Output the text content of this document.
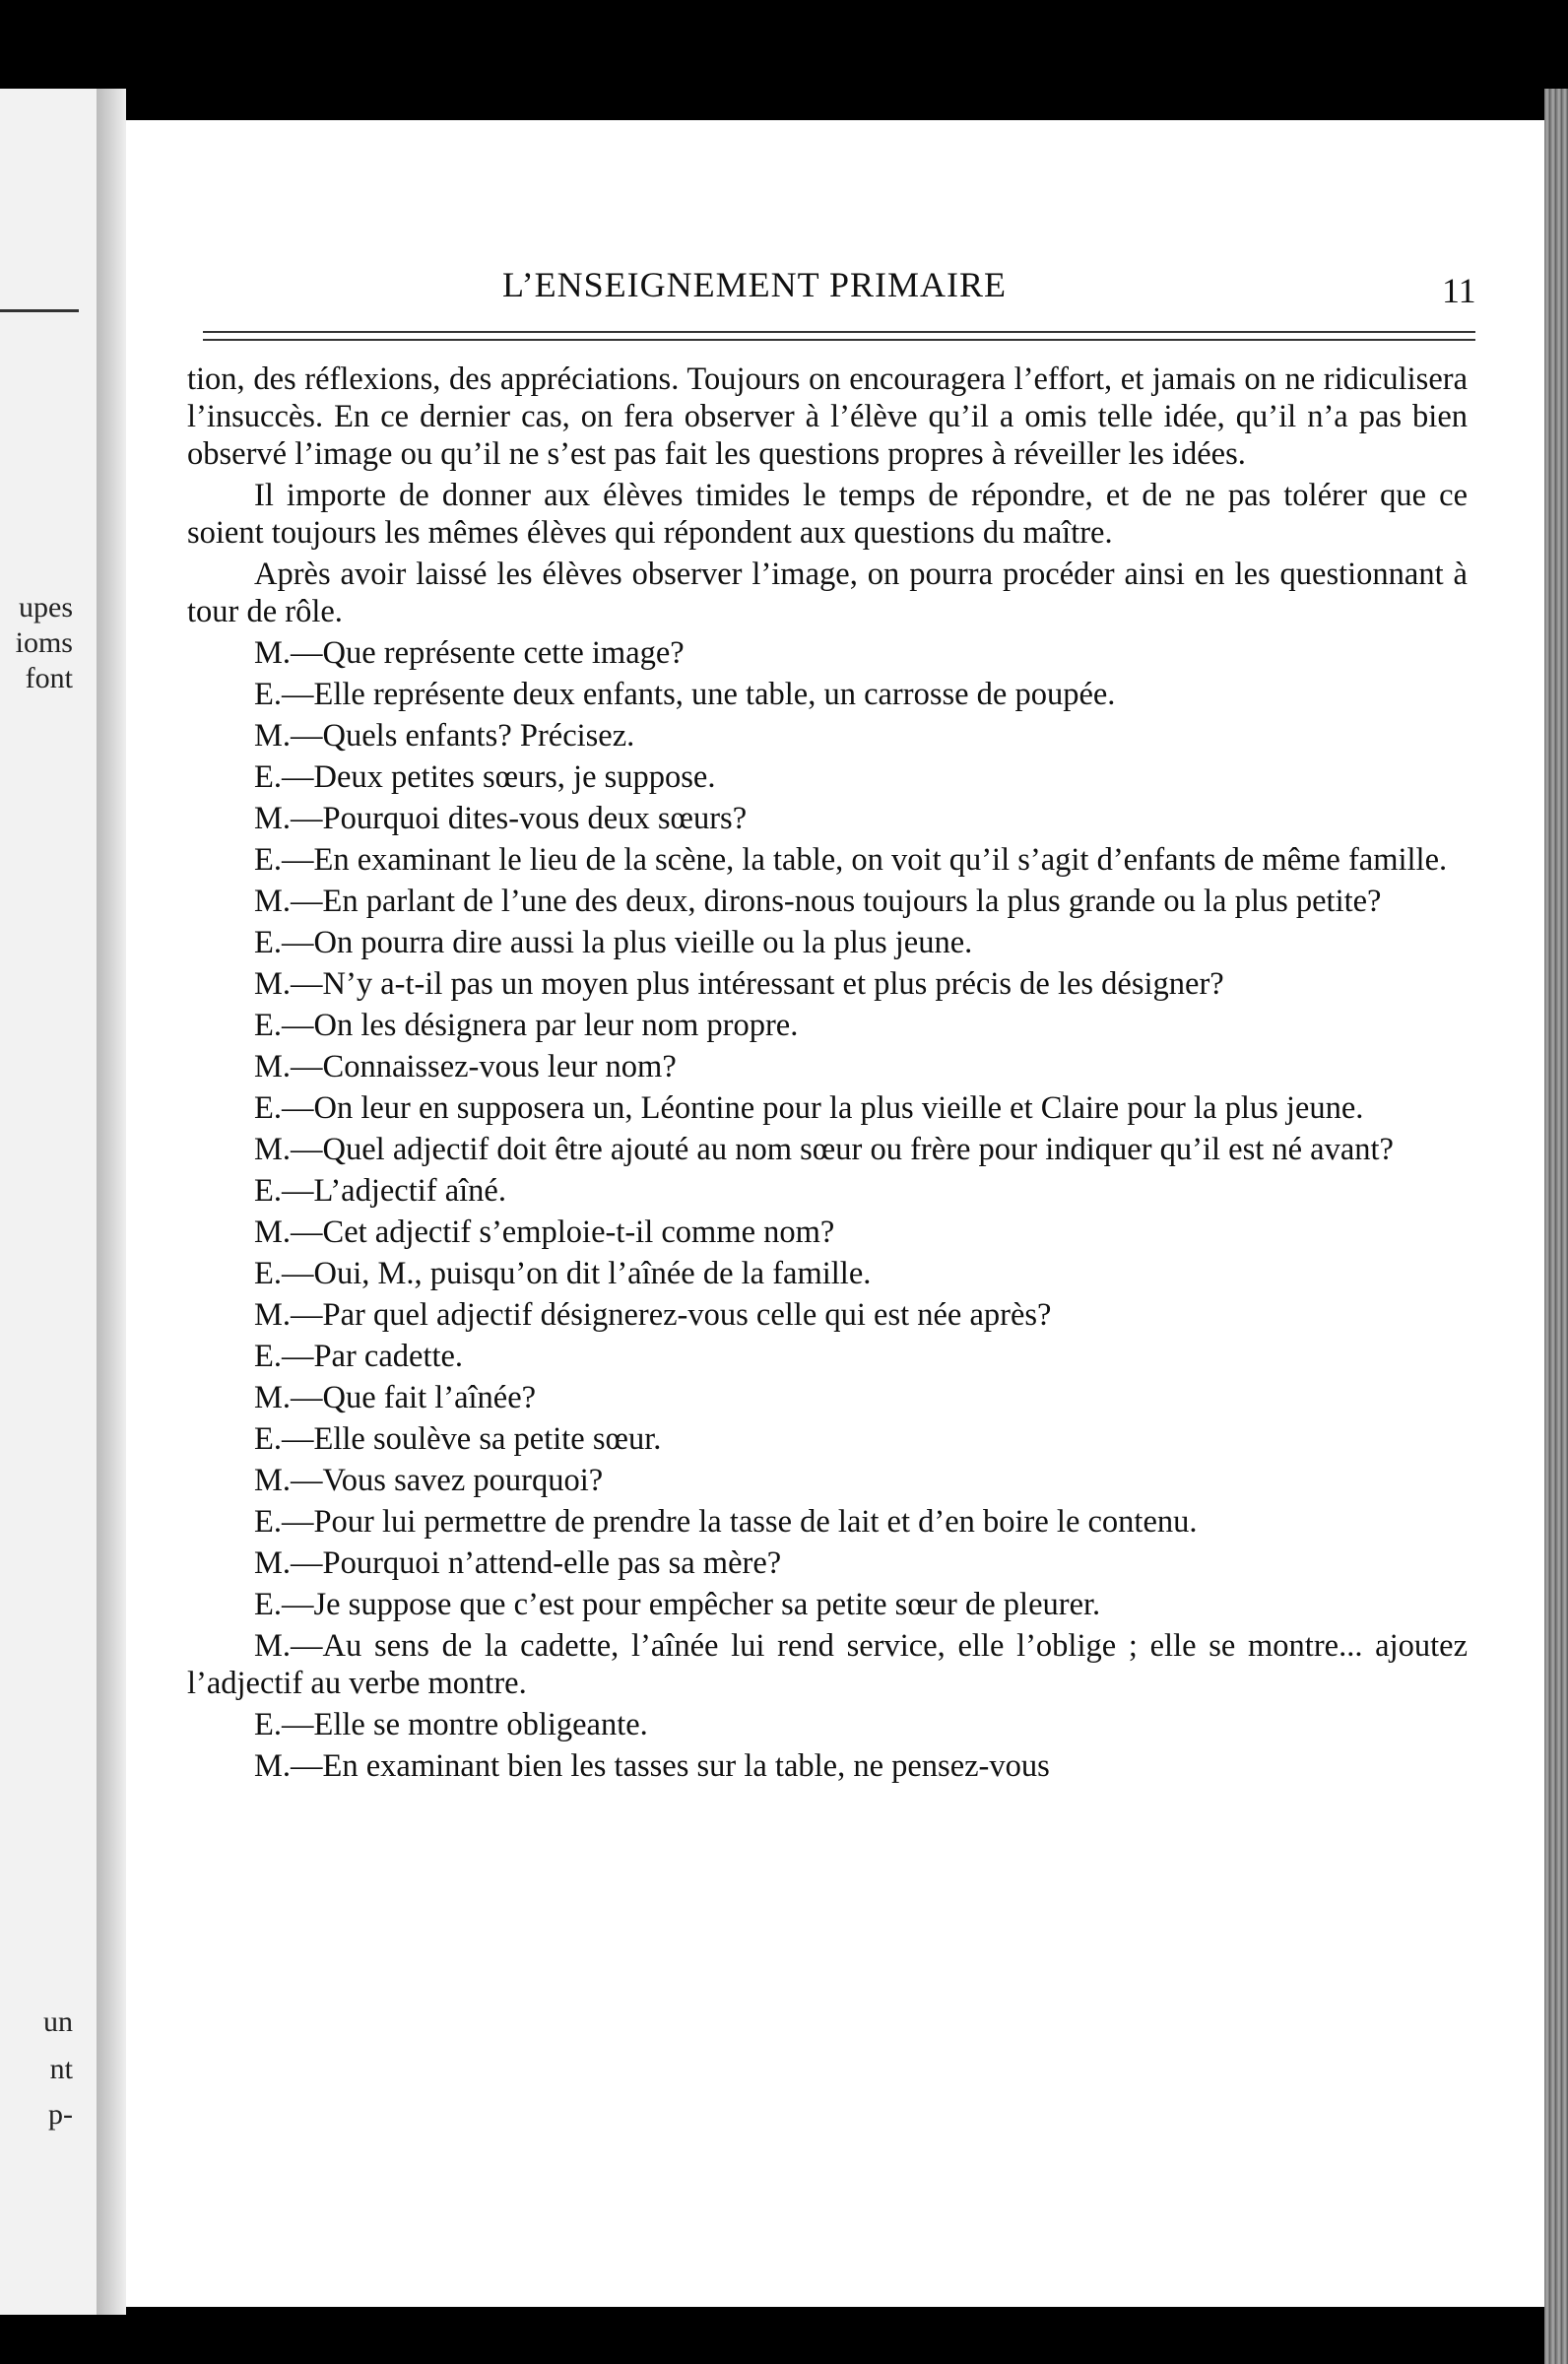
upes
ioms
font
un
nt
p-
L’ENSEIGNEMENT PRIMAIRE	11

tion, des réflexions, des appréciations. Toujours on encouragera l’effort, et jamais on ne ridiculisera l’insuccès. En ce dernier cas, on fera observer à l’élève qu’il a omis telle idée, qu’il n’a pas bien observé l’image ou qu’il ne s’est pas fait les questions propres à réveiller les idées.

Il importe de donner aux élèves timides le temps de répondre, et de ne pas tolérer que ce soient toujours les mêmes élèves qui répondent aux questions du maître.

Après avoir laissé les élèves observer l’image, on pourra procéder ainsi en les questionnant à tour de rôle.

M.—Que représente cette image?

E.—Elle représente deux enfants, une table, un carrosse de poupée.

M.—Quels enfants? Précisez.

E.—Deux petites sœurs, je suppose.

M.—Pourquoi dites-vous deux sœurs?

E.—En examinant le lieu de la scène, la table, on voit qu’il s’agit d’enfants de même famille.

M.—En parlant de l’une des deux, dirons-nous toujours la plus grande ou la plus petite?

E.—On pourra dire aussi la plus vieille ou la plus jeune.

M.—N’y a-t-il pas un moyen plus intéressant et plus précis de les désigner?

E.—On les désignera par leur nom propre.

M.—Connaissez-vous leur nom?

E.—On leur en supposera un, Léontine pour la plus vieille et Claire pour la plus jeune.

M.—Quel adjectif doit être ajouté au nom sœur ou frère pour indiquer qu’il est né avant?

E.—L’adjectif aîné.

M.—Cet adjectif s’emploie-t-il comme nom?

E.—Oui, M., puisqu’on dit l’aînée de la famille.

M.—Par quel adjectif désignerez-vous celle qui est née après?

E.—Par cadette.

M.—Que fait l’aînée?

E.—Elle soulève sa petite sœur.

M.—Vous savez pourquoi?

E.—Pour lui permettre de prendre la tasse de lait et d’en boire le contenu.

M.—Pourquoi n’attend-elle pas sa mère?

E.—Je suppose que c’est pour empêcher sa petite sœur de pleurer.

M.—Au sens de la cadette, l’aînée lui rend service, elle l’oblige ; elle se montre... ajoutez l’adjectif au verbe montre.

E.—Elle se montre obligeante.

M.—En examinant bien les tasses sur la table, ne pensez-vous
